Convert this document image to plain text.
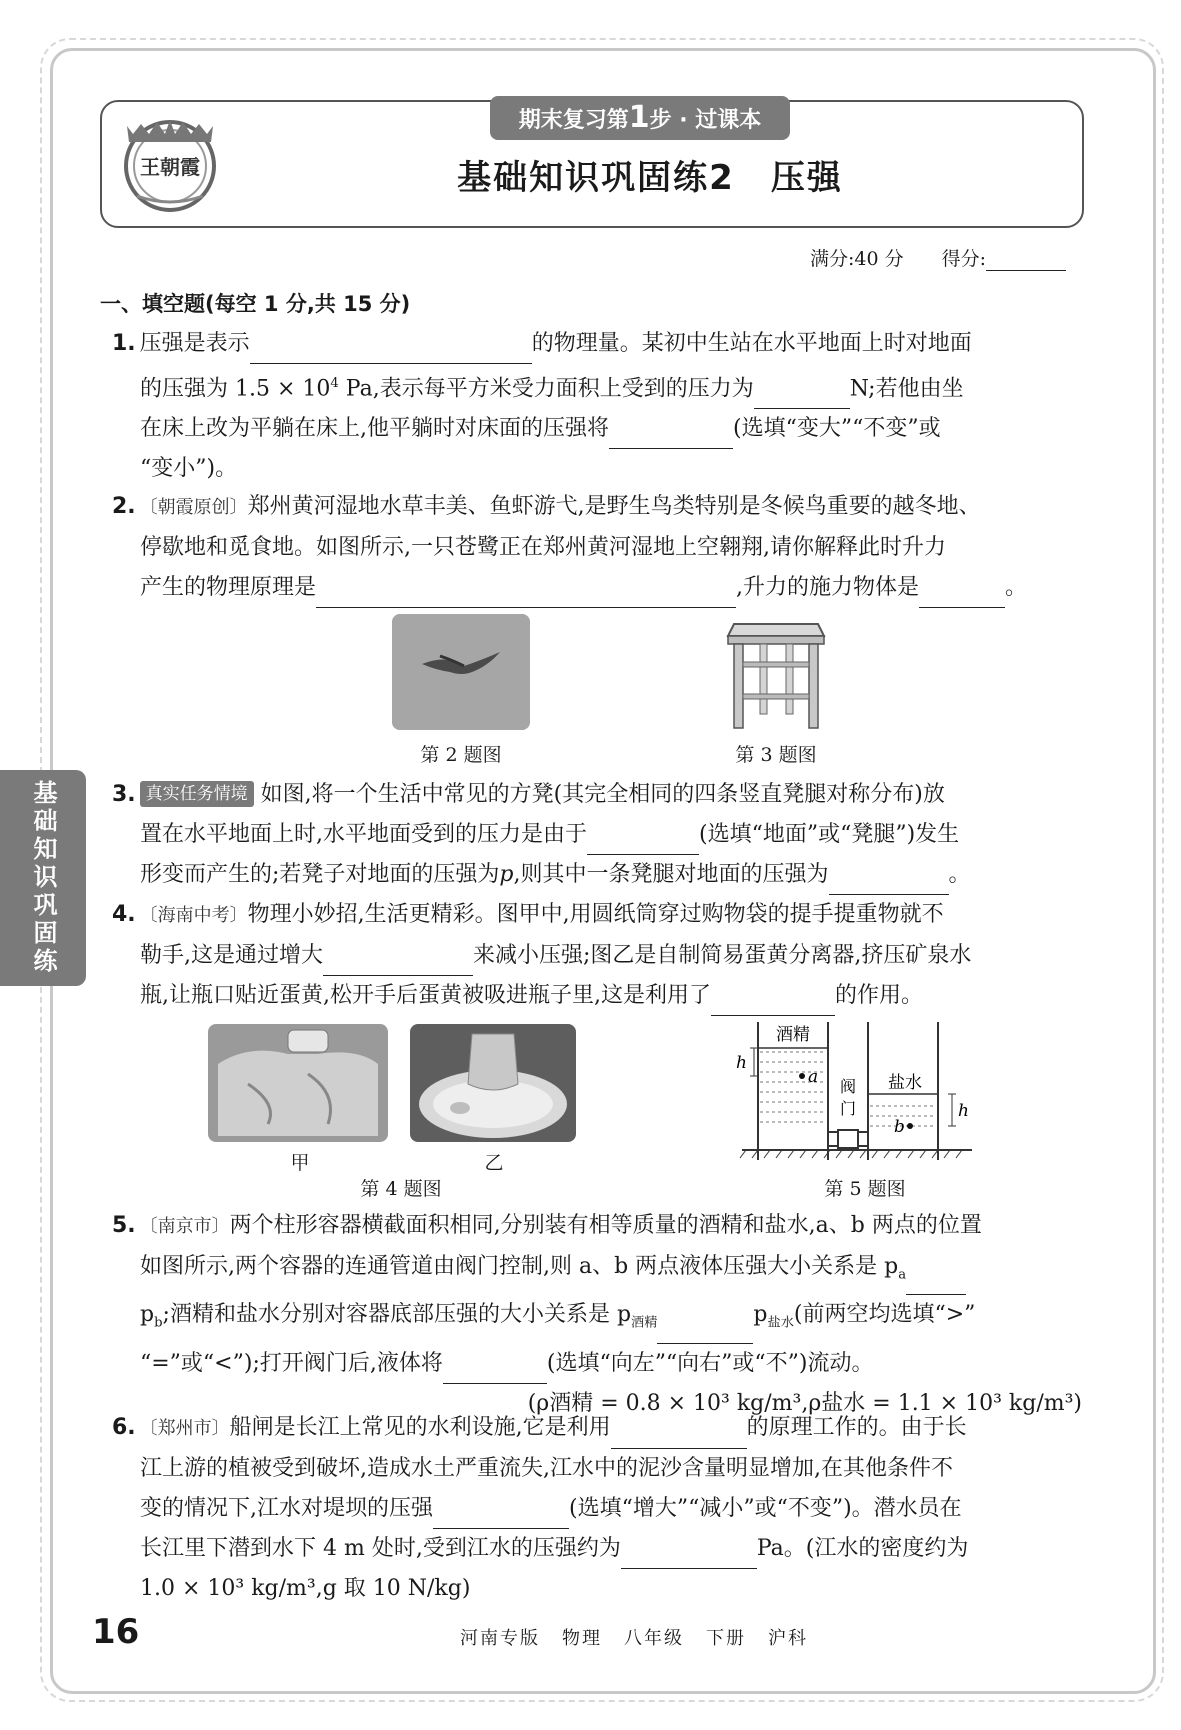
期末复习第1步 · 过课本
王朝霞	基础知识巩固练2　压强
满分:40 分　　 得分:
基础知识巩固练
一、填空题(每空 1 分,共 15 分)
1. 压强是表示	的物理量。某初中生站在水平地面上时对地面
的压强为 $1.5 \times 10^4$ Pa,表示每平方米受力面积上受到的压力为	N;若他由坐
在床上改为平躺在床上,他平躺时对床面的压强将	(选填“变大”“不变”或
“变小”)。
2. 〔朝霞原创〕郑州黄河湿地水草丰美、鱼虾游弋,是野生鸟类特别是冬候鸟重要的越冬地、
停歇地和觅食地。如图所示,一只苍鹭正在郑州黄河湿地上空翱翔,请你解释此时升力
产生的物理原理是	,升力的施力物体是	。
第 2 题图	第 3 题图
3. 真实任务情境 如图,将一个生活中常见的方凳(其完全相同的四条竖直凳腿对称分布)放
置在水平地面上时,水平地面受到的压力是由于	(选填“地面”或“凳腿”)发生
形变而产生的;若凳子对地面的压强为p,则其中一条凳腿对地面的压强为	。
4. 〔海南中考〕物理小妙招,生活更精彩。图甲中,用圆纸筒穿过购物袋的提手提重物就不
勒手,这是通过增大	来减小压强;图乙是自制简易蛋黄分离器,挤压矿泉水
瓶,让瓶口贴近蛋黄,松开手后蛋黄被吸进瓶子里,这是利用了	的作用。
甲	乙
第 4 题图
酒精
盐水
阀
门
h
h
a
b
第 5 题图
5. 〔南京市〕两个柱形容器横截面积相同,分别装有相等质量的酒精和盐水,a、b 两点的位置
如图所示,两个容器的连通管道由阀门控制,则 a、b 两点液体压强大小关系是 $p_a$
$p_b$;酒精和盐水分别对容器底部压强的大小关系是 $p_{酒精}$	$p_{盐水}$(前两空均选填“>”
“=”或“<”);打开阀门后,液体将	(选填“向左”“向右”或“不”)流动。
(ρ酒精 = 0.8 × 10³ kg/m³,ρ盐水 = 1.1 × 10³ kg/m³)
6. 〔郑州市〕船闸是长江上常见的水利设施,它是利用	的原理工作的。由于长
江上游的植被受到破坏,造成水土严重流失,江水中的泥沙含量明显增加,在其他条件不
变的情况下,江水对堤坝的压强	(选填“增大”“减小”或“不变”)。潜水员在
长江里下潜到水下 4 m 处时,受到江水的压强约为	Pa。(江水的密度约为
1.0 × 10³ kg/m³,g 取 10 N/kg)
16	河南专版 物理 八年级 下册 沪科
